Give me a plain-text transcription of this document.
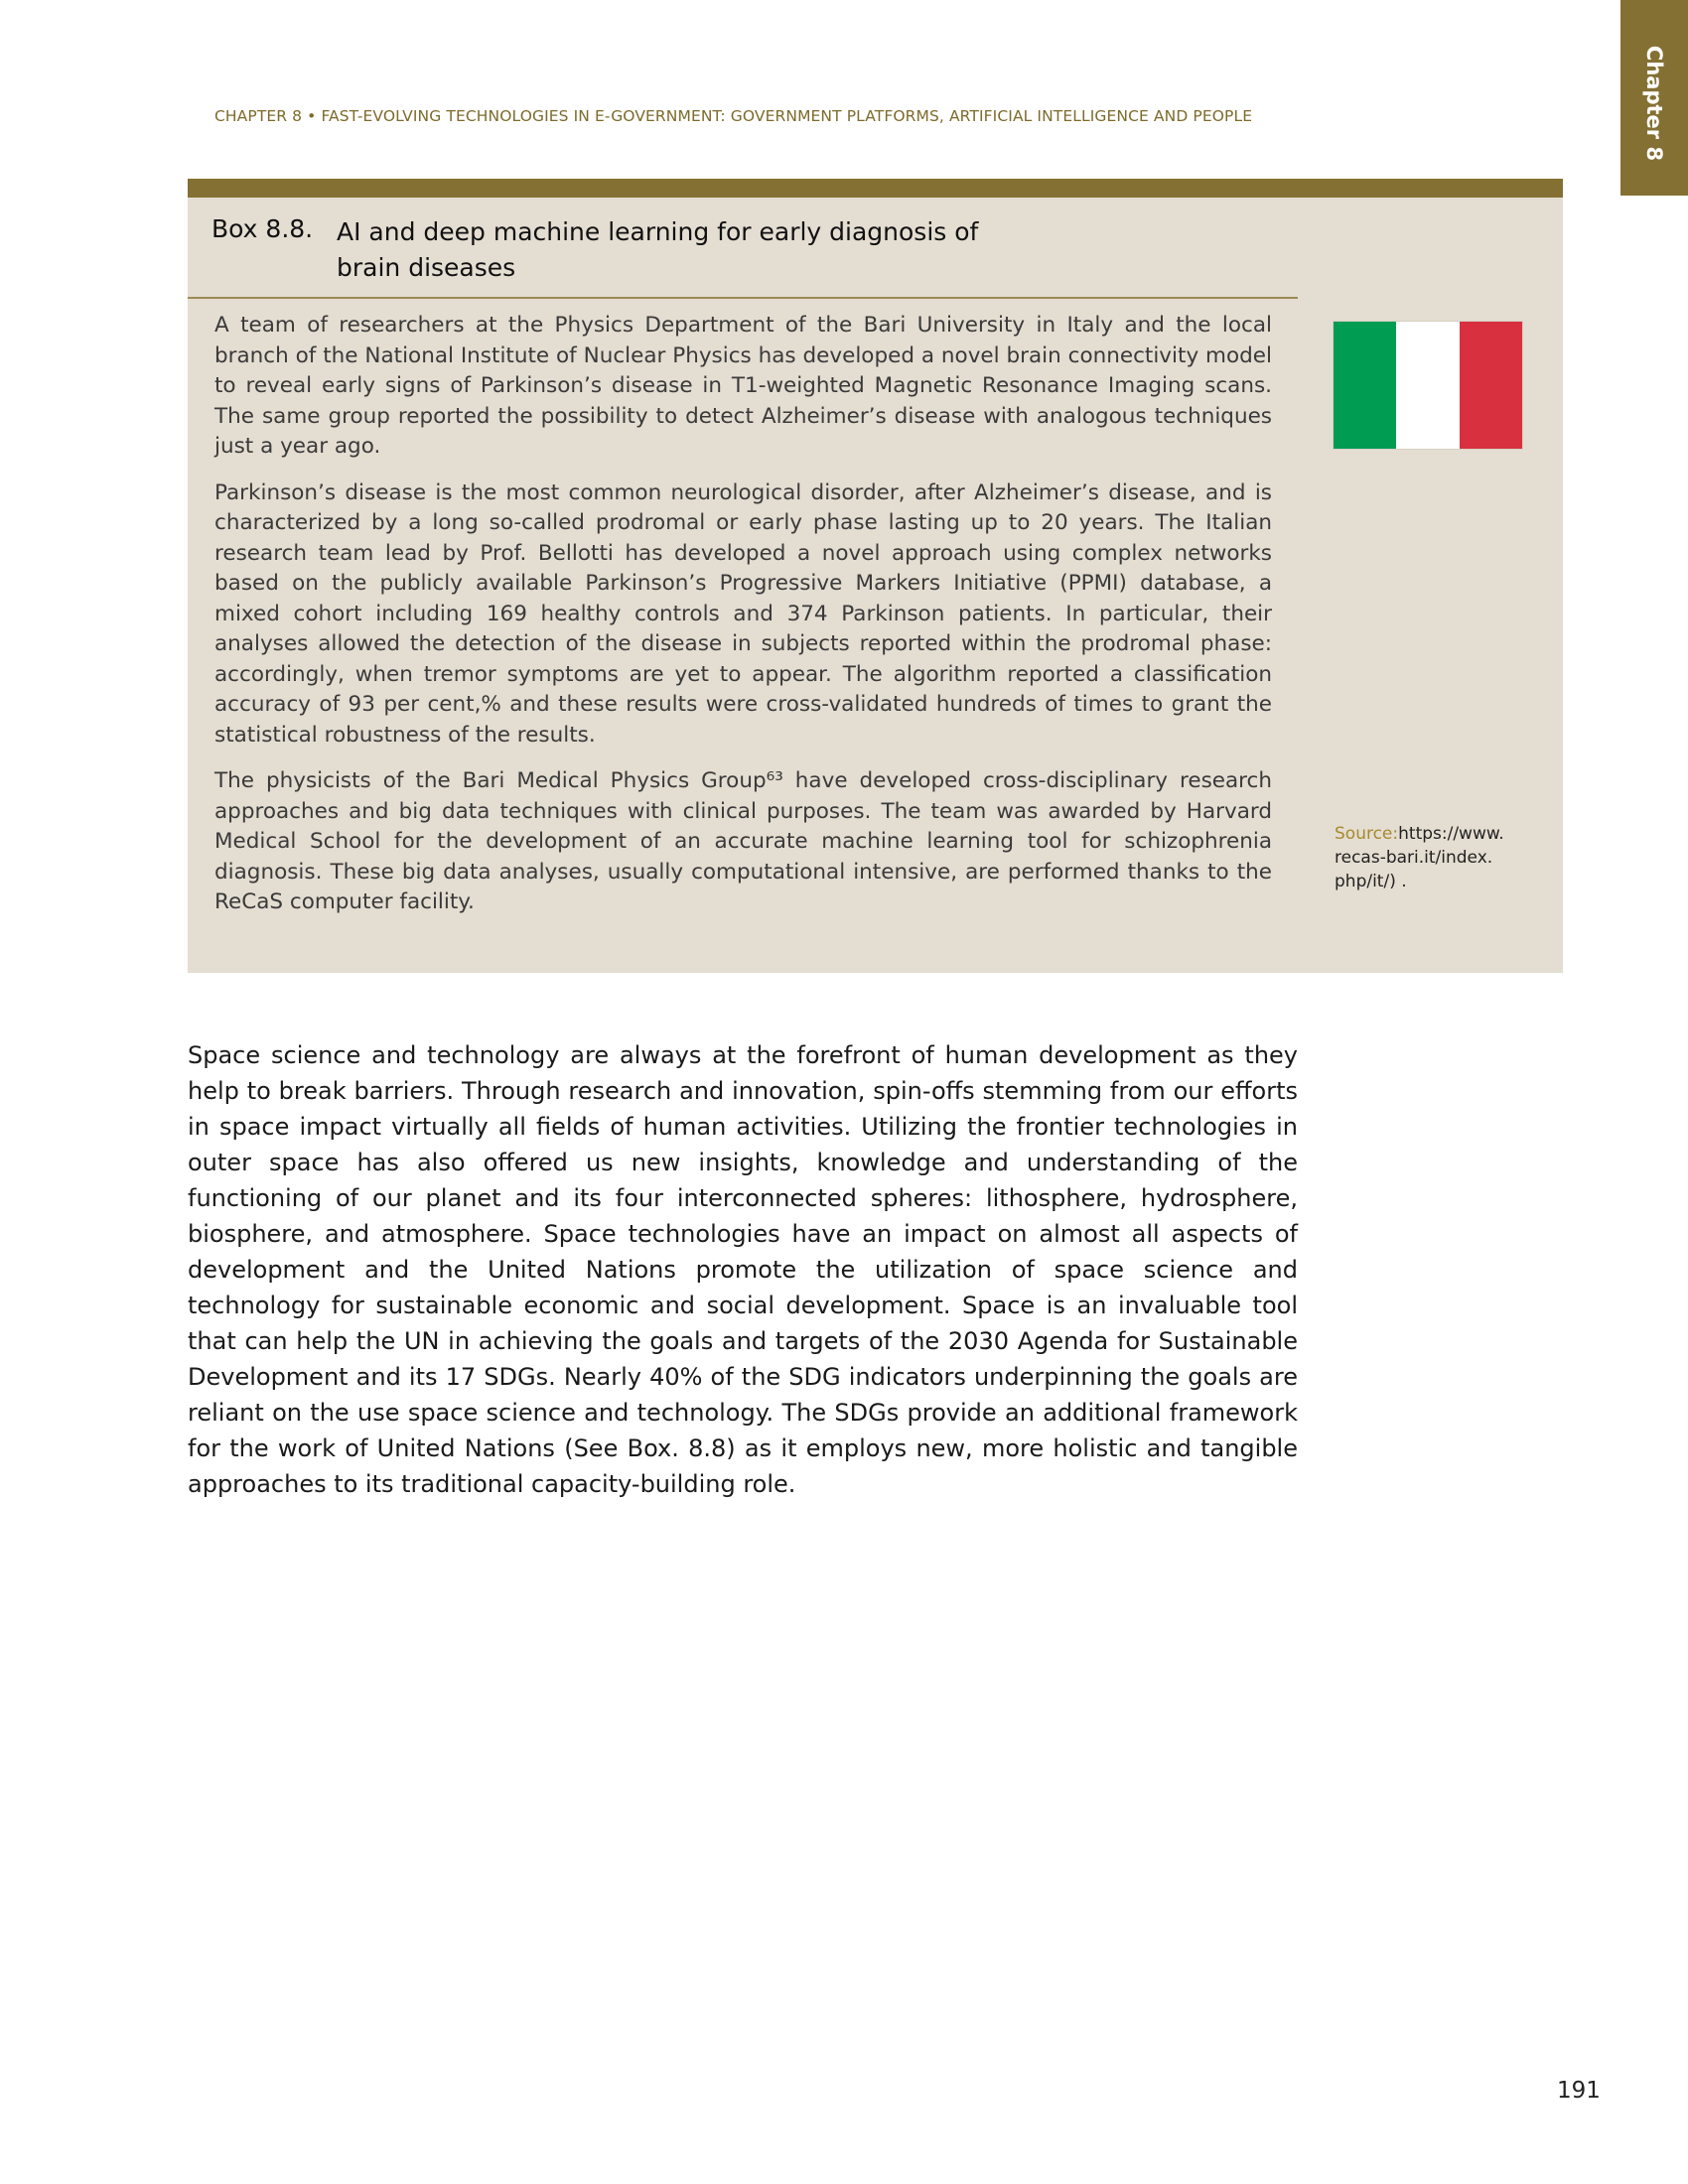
CHAPTER 8 • FAST-EVOLVING TECHNOLOGIES IN E-GOVERNMENT: GOVERNMENT PLATFORMS, ARTIFICIAL INTELLIGENCE AND PEOPLE	Chapter 8
Box 8.8. AI and deep machine learning for early diagnosis of brain diseases

A team of researchers at the Physics Department of the Bari University in Italy and the local branch of the National Institute of Nuclear Physics has developed a novel brain connectivity model to reveal early signs of Parkinson’s disease in T1-weighted Magnetic Resonance Imaging scans. The same group reported the possibility to detect Alzheimer’s disease with analogous techniques just a year ago.

Parkinson’s disease is the most common neurological disorder, after Alzheimer’s disease, and is characterized by a long so-called prodromal or early phase lasting up to 20 years. The Italian research team lead by Prof. Bellotti has developed a novel approach using complex networks based on the publicly available Parkinson’s Progressive Markers Initiative (PPMI) database, a mixed cohort including 169 healthy controls and 374 Parkinson patients. In particular, their analyses allowed the detection of the disease in subjects reported within the prodromal phase: accordingly, when tremor symptoms are yet to appear. The algorithm reported a classification accuracy of 93 per cent,% and these results were cross-validated hundreds of times to grant the statistical robustness of the results.

The physicists of the Bari Medical Physics Group⁶³ have developed cross-disciplinary research approaches and big data techniques with clinical purposes. The team was awarded by Harvard Medical School for the development of an accurate machine learning tool for schizophrenia diagnosis. These big data analyses, usually computational intensive, are performed thanks to the ReCaS computer facility.

Source:https://www. recas-bari.it/index. php/it/) .

Space science and technology are always at the forefront of human development as they help to break barriers. Through research and innovation, spin-offs stemming from our efforts in space impact virtually all fields of human activities. Utilizing the frontier technologies in outer space has also offered us new insights, knowledge and understanding of the functioning of our planet and its four interconnected spheres: lithosphere, hydrosphere, biosphere, and atmosphere. Space technologies have an impact on almost all aspects of development and the United Nations promote the utilization of space science and technology for sustainable economic and social development. Space is an invaluable tool that can help the UN in achieving the goals and targets of the 2030 Agenda for Sustainable Development and its 17 SDGs. Nearly 40% of the SDG indicators underpinning the goals are reliant on the use space science and technology. The SDGs provide an additional framework for the work of United Nations (See Box. 8.8) as it employs new, more holistic and tangible approaches to its traditional capacity-building role.

191
